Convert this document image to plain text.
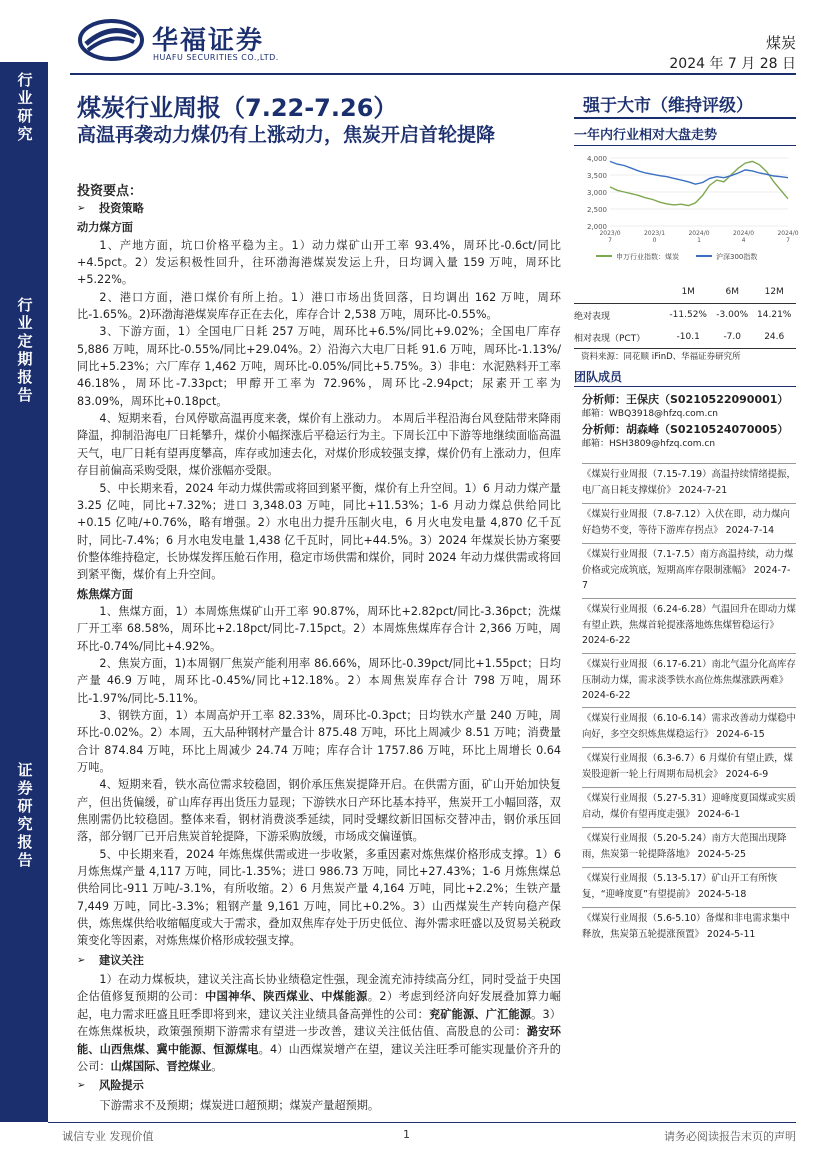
华福证券
HUAFU SECURITIES CO.,LTD.
煤炭
2024 年 7 月 28 日
行业研究
行业定期报告
证券研究报告
煤炭行业周报（7.22-7.26）
高温再袭动力煤仍有上涨动力，焦炭开启首轮提降
投资要点：
➢	投资策略

动力煤方面

1、产地方面，坑口价格平稳为主。1）动力煤矿山开工率 93.4%，周环比-0.6ct/同比+4.5pct。2）发运积极性回升，往环渤海港煤炭发运上升，日均调入量 159 万吨，周环比+5.22%。

2、港口方面，港口煤价有所上抬。1）港口市场出货回落，日均调出 162 万吨，周环比-1.65%。2)环渤海港煤炭库存正在去化，库存合计 2,538 万吨，周环比-0.55%。

3、下游方面，1）全国电厂日耗 257 万吨，周环比+6.5%/同比+9.02%；全国电厂库存 5,886 万吨，周环比-0.55%/同比+29.04%。2）沿海六大电厂日耗 91.6 万吨，周环比-1.13%/同比+5.23%；六厂库存 1,462 万吨，周环比-0.05%/同比+5.75%。3）非电：水泥熟料开工率 46.18%，周环比-7.33pct；甲醇开工率为 72.96%，周环比-2.94pct；尿素开工率为 83.09%，周环比+0.18pct。

4、短期来看，台风停歇高温再度来袭，煤价有上涨动力。 本周后半程沿海台风登陆带来降雨降温，抑制沿海电厂日耗攀升，煤价小幅探涨后平稳运行为主。下周长江中下游等地继续面临高温天气，电厂日耗有望再度攀高，库存或加速去化，对煤价形成较强支撑，煤价仍有上涨动力，但库存目前偏高采购受限，煤价涨幅亦受限。

5、中长期来看，2024 年动力煤供需或将回到紧平衡，煤价有上升空间。1）6 月动力煤产量 3.25 亿吨，同比+7.32%；进口 3,348.03 万吨，同比+11.53%；1-6 月动力煤总供给同比+0.15 亿吨/+0.76%，略有增强。2）水电出力提升压制火电，6 月火电发电量 4,870 亿千瓦时，同比-7.4%；6 月水电发电量 1,438 亿千瓦时，同比+44.5%。3）2024 年煤炭长协方案要价整体维持稳定，长协煤发挥压舱石作用，稳定市场供需和煤价，同时 2024 年动力煤供需或将回到紧平衡，煤价有上升空间。

炼焦煤方面

1、焦煤方面，1）本周炼焦煤矿山开工率 90.87%，周环比+2.82pct/同比-3.36pct；洗煤厂开工率 68.58%，周环比+2.18pct/同比-7.15pct。2）本周炼焦煤库存合计 2,366 万吨，周环比-0.74%/同比+4.92%。

2、焦炭方面，1)本周钢厂焦炭产能利用率 86.66%，周环比-0.39pct/同比+1.55pct；日均产量 46.9 万吨，周环比-0.45%/同比+12.18%。2）本周焦炭库存合计 798 万吨，周环比-1.97%/同比-5.11%。

3、钢铁方面，1）本周高炉开工率 82.33%，周环比-0.3pct；日均铁水产量 240 万吨，周环比-0.02%。2）本周，五大品种钢材产量合计 875.48 万吨，环比上周减少 8.51 万吨；消费量合计 874.84 万吨，环比上周减少 24.74 万吨；库存合计 1757.86 万吨，环比上周增长 0.64 万吨。

4、短期来看，铁水高位需求较稳固，钢价承压焦炭提降开启。在供需方面，矿山开始加快复产，但出货偏缓，矿山库存再出货压力显现；下游铁水日产环比基本持平，焦炭开工小幅回落，双焦刚需仍比较稳固。整体来看，钢材消费淡季延续，同时受螺纹新旧国标交替冲击，钢价承压回落，部分钢厂已开启焦炭首轮提降，下游采购放缓，市场成交偏谨慎。

5、中长期来看，2024 年炼焦煤供需或进一步收紧，多重因素对炼焦煤价格形成支撑。1）6 月炼焦煤产量 4,117 万吨，同比-1.35%；进口 986.73 万吨，同比+27.43%；1-6 月炼焦煤总供给同比-911 万吨/-3.1%，有所收缩。2）6 月焦炭产量 4,164 万吨，同比+2.2%；生铁产量 7,449 万吨，同比-3.3%；粗钢产量 9,161 万吨，同比+0.2%。3）山西煤炭生产转向稳产保供，炼焦煤供给收缩幅度或大于需求，叠加双焦库存处于历史低位、海外需求旺盛以及贸易关税政策变化等因素，对炼焦煤价格形成较强支撑。

➢	建议关注

1）在动力煤板块，建议关注高长协业绩稳定性强，现金流充沛持续高分红，同时受益于央国企估值修复预期的公司：中国神华、陕西煤业、中煤能源。2）考虑到经济向好发展叠加算力崛起，电力需求旺盛且旺季即将到来，建议关注业绩具备高弹性的公司：兖矿能源、广汇能源。3）在炼焦煤板块，政策强预期下游需求有望进一步改善，建议关注低估值、高股息的公司：潞安环能、山西焦煤、冀中能源、恒源煤电。4）山西煤炭增产在望，建议关注旺季可能实现量价齐升的公司：山煤国际、晋控煤业。

➢	风险提示

下游需求不及预期；煤炭进口超预期；煤炭产量超预期。

强于大市（维持评级）
一年内行业相对大盘走势
2,000
2,500
3,000
3,500
4,000
2023/0 7
2023/1 0
2024/0 1
2024/0 4
2024/0 7
申万行业指数：煤炭	沪深300指数
	1M	6M	12M
绝对表现	-11.52%	-3.00%	14.21%
相对表现（PCT）	-10.1	-7.0	24.6
资料来源：同花顺 iFinD、华福证券研究所
团队成员
分析师：王保庆（S0210522090001）
邮箱：WBQ3918@hfzq.com.cn
分析师：胡森峰（S0210524070005）
邮箱：HSH3809@hfzq.com.cn
《煤炭行业周报（7.15-7.19）高温持续情绪提振，电厂高日耗支撑煤价》 2024-7-21
《煤炭行业周报（7.8-7.12）入伏在即，动力煤向好趋势不变，等待下游库存拐点》 2024-7-14
《煤炭行业周报（7.1-7.5）南方高温持续，动力煤价格或完成筑底，短期高库存限制涨幅》 2024-7-7
《煤炭行业周报（6.24-6.28）气温回升在即动力煤有望止跌，焦煤首轮提涨落地炼焦煤暂稳运行》 2024-6-22
《煤炭行业周报（6.17-6.21）南北气温分化高库存压制动力煤，需求淡季铁水高位炼焦煤涨跌两难》 2024-6-22
《煤炭行业周报（6.10-6.14）需求改善动力煤稳中向好，多空交织炼焦煤稳运行》 2024-6-15
《煤炭行业周报（6.3-6.7）6 月煤价有望止跌，煤炭股迎新一轮上行周期布局机会》 2024-6-9
《煤炭行业周报（5.27-5.31）迎峰度夏国煤或实质启动，煤价有望再度走强》 2024-6-1
《煤炭行业周报（5.20-5.24）南方大范围出现降雨，焦炭第一轮提降落地》 2024-5-25
《煤炭行业周报（5.13-5.17）矿山开工有所恢复，“迎峰度夏”有望提前》 2024-5-18
《煤炭行业周报（5.6-5.10）备煤和非电需求集中释放，焦炭第五轮提涨预置》 2024-5-11
诚信专业 发现价值	1	请务必阅读报告末页的声明
